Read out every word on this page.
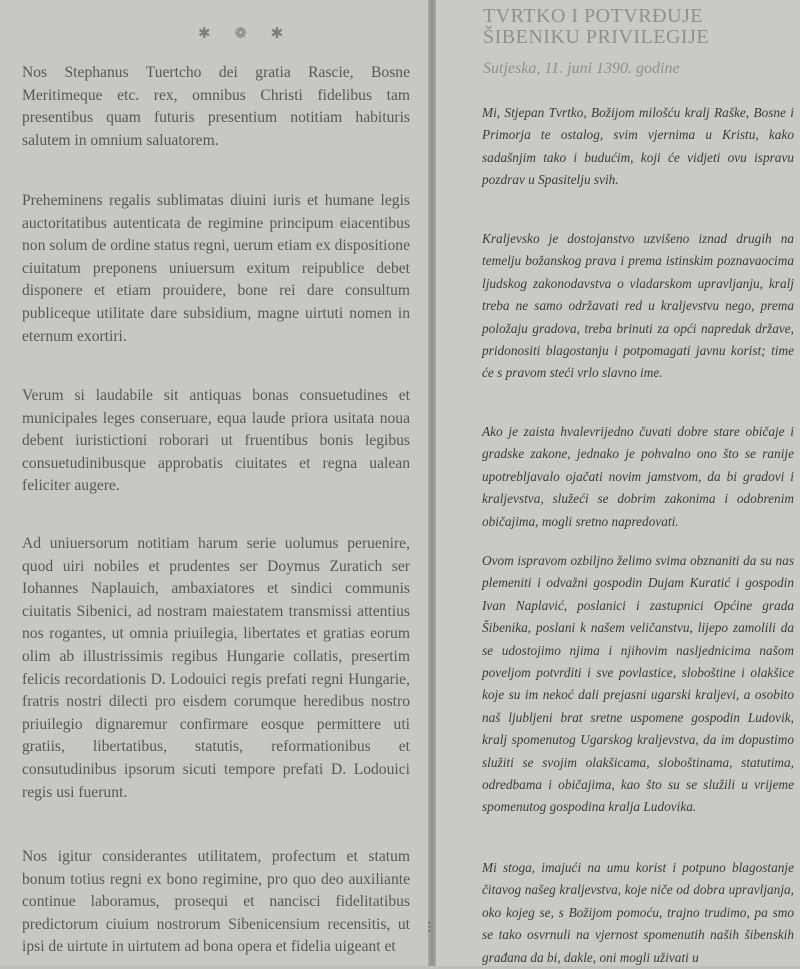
✱ ❁ ✱

Nos Stephanus Tuertcho dei gratia Rascie, Bosne Meritimeque etc. rex, omnibus Christi fidelibus tam presentibus quam futuris presentium notitiam habituris salutem in omnium saluatorem.

Preheminens regalis sublimatas diuini iuris et humane legis auctoritatibus autenticata de regimine principum eiacentibus non solum de ordine status regni, uerum etiam ex dispositione ciuitatum preponens uniuersum exitum reipublice debet disponere et etiam prouidere, bone rei dare consultum publiceque utilitate dare subsidium, magne uirtuti nomen in eternum exortiri.

Verum si laudabile sit antiquas bonas consuetudines et municipales leges conseruare, equa laude priora usitata noua debent iuristictioni roborari ut fruentibus bonis legibus consuetudinibusque approbatis ciuitates et regna ualean feliciter augere.

Ad uniuersorum notitiam harum serie uolumus peruenire, quod uiri nobiles et prudentes ser Doymus Zuratich ser Iohannes Naplauich, ambaxiatores et sindici communis ciuitatis Sibenici, ad nostram maiestatem transmissi attentius nos rogantes, ut omnia priuilegia, libertates et gratias eorum olim ab illustrissimis regibus Hungarie collatis, presertim felicis recordationis D. Lodouici regis prefati regni Hungarie, fratris nostri dilecti pro eisdem corumque heredibus nostro priuilegio dignaremur confirmare eosque permittere uti gratiis, libertatibus, statutis, reformationibus et consutudinibus ipsorum sicuti tempore prefati D. Lodouici regis usi fuerunt.

Nos igitur considerantes utilitatem, profectum et statum bonum totius regni ex bono regimine, pro quo deo auxiliante continue laboramus, prosequi et nancisci fidelitatibus predictorum ciuium nostrorum Sibenicensium recensitis, ut ipsi de uirtute in uirtutem ad bona opera et fidelia uigeant et

•••
TVRTKO I POTVRĐUJE ŠIBENIKU PRIVILEGIJE

Sutjeska, 11. juni 1390. godine

Mi, Stjepan Tvrtko, Božijom milošću kralj Raške, Bosne i Primorja te ostalog, svim vjernima u Kristu, kako sadašnjim tako i budućim, koji će vidjeti ovu ispravu pozdrav u Spasitelju svih.

Kraljevsko je dostojanstvo uzvišeno iznad drugih na temelju božanskog prava i prema istinskim poznavaocima ljudskog zakonodavstva o vladarskom upravljanju, kralj treba ne samo održavati red u kraljevstvu nego, prema položaju gradova, treba brinuti za opći napredak države, pridonositi blagostanju i potpomagati javnu korist; time će s pravom steći vrlo slavno ime.

Ako je zaista hvalevrijedno čuvati dobre stare običaje i gradske zakone, jednako je pohvalno ono što se ranije upotrebljavalo ojačati novim jamstvom, da bi gradovi i kraljevstva, služeći se dobrim zakonima i odobrenim običajima, mogli sretno napredovati.

Ovom ispravom ozbiljno želimo svima obznaniti da su nas plemeniti i odvažni gospodin Dujam Kuratić i gospodin Ivan Naplavić, poslanici i zastupnici Općine grada Šibenika, poslani k našem veličanstvu, lijepo zamolili da se udostojimo njima i njihovim nasljednicima našom poveljom potvrditi i sve povlastice, sloboštine i olakšice koje su im nekoć dali prejasni ugarski kraljevi, a osobito naš ljubljeni brat sretne uspomene gospodin Ludovik, kralj spomenutog Ugarskog kraljevstva, da im dopustimo služiti se svojim olakšicama, sloboštinama, statutima, odredbama i običajima, kao što su se služili u vrijeme spomenutog gospodina kralja Ludovika.

Mi stoga, imajući na umu korist i potpuno blagostanje čitavog našeg kraljevstva, koje niče od dobra upravljanja, oko kojeg se, s Božijom pomoću, trajno trudimo, pa smo se tako osvrnuli na vjernost spomenutih naših šibenskih građana da bi, dakle, oni mogli uživati u
